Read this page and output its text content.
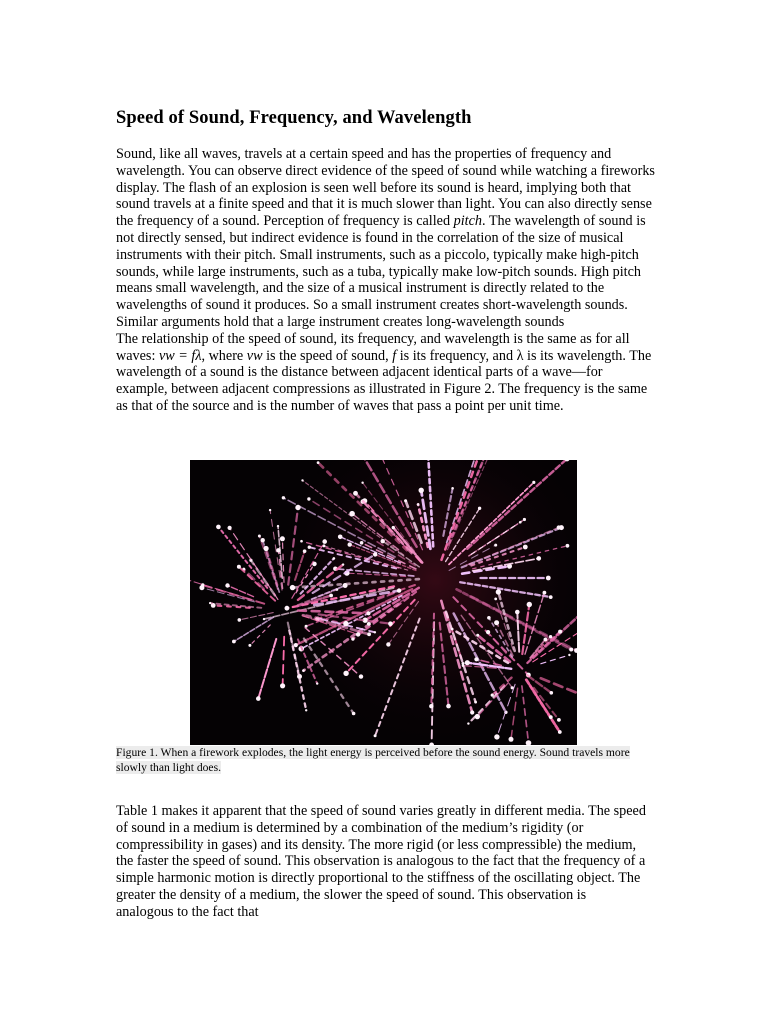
Speed of Sound, Frequency, and Wavelength

Sound, like all waves, travels at a certain speed and has the properties of frequency and wavelength. You can observe direct evidence of the speed of sound while watching a fireworks display. The flash of an explosion is seen well before its sound is heard, implying both that sound travels at a finite speed and that it is much slower than light. You can also directly sense the frequency of a sound. Perception of frequency is called pitch. The wavelength of sound is not directly sensed, but indirect evidence is found in the correlation of the size of musical instruments with their pitch. Small instruments, such as a piccolo, typically make high-pitch sounds, while large instruments, such as a tuba, typically make low-pitch sounds. High pitch means small wavelength, and the size of a musical instrument is directly related to the wavelengths of sound it produces. So a small instrument creates short-wavelength sounds. Similar arguments hold that a large instrument creates long-wavelength sounds

The relationship of the speed of sound, its frequency, and wavelength is the same as for all waves: vw = fλ, where vw is the speed of sound, f is its frequency, and λ is its wavelength. The wavelength of a sound is the distance between adjacent identical parts of a wave—for example, between adjacent compressions as illustrated in Figure 2. The frequency is the same as that of the source and is the number of waves that pass a point per unit time.

Figure 1. When a firework explodes, the light energy is perceived before the sound energy. Sound travels more slowly than light does.

Table 1 makes it apparent that the speed of sound varies greatly in different media. The speed of sound in a medium is determined by a combination of the medium’s rigidity (or compressibility in gases) and its density. The more rigid (or less compressible) the medium, the faster the speed of sound. This observation is analogous to the fact that the frequency of a simple harmonic motion is directly proportional to the stiffness of the oscillating object. The greater the density of a medium, the slower the speed of sound. This observation is analogous to the fact that
